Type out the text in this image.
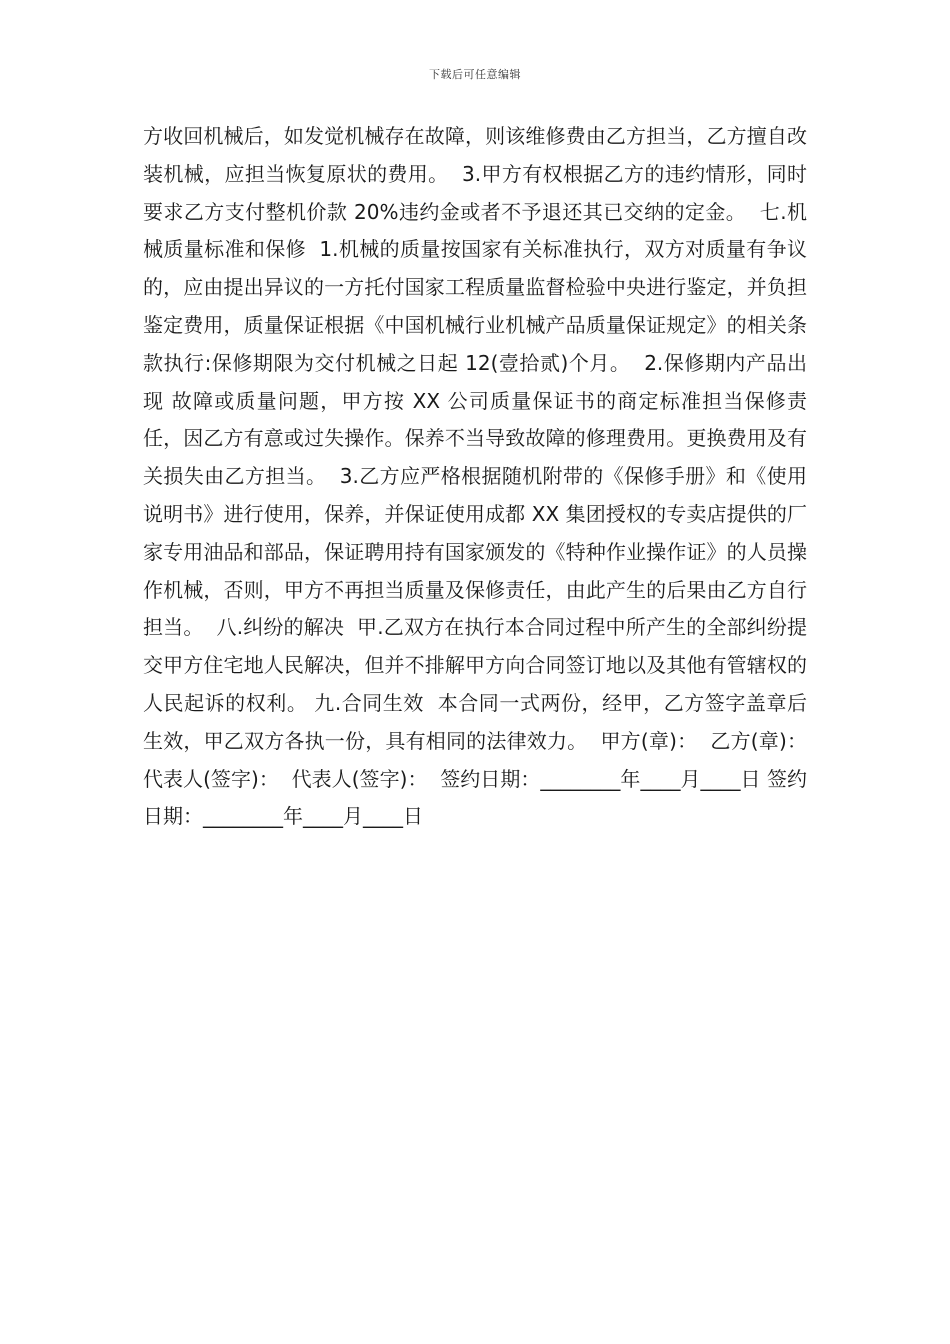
下载后可任意编辑

方收回机械后，如发觉机械存在故障，则该维修费由乙方担当，乙方擅自改装机械，应担当恢复原状的费用。  3.甲方有权根据乙方的违约情形，同时要求乙方支付整机价款 20%违约金或者不予退还其已交纳的定金。  七.机械质量标准和保修  1.机械的质量按国家有关标准执行，双方对质量有争议的，应由提出异议的一方托付国家工程质量监督检验中央进行鉴定，并负担鉴定费用，质量保证根据《中国机械行业机械产品质量保证规定》的相关条款执行:保修期限为交付机械之日起 12(壹拾贰)个月。  2.保修期内产品出现 故障或质量问题，甲方按 XX 公司质量保证书的商定标准担当保修责任，因乙方有意或过失操作。保养不当导致故障的修理费用。更换费用及有关损失由乙方担当。  3.乙方应严格根据随机附带的《保修手册》和《使用说明书》进行使用，保养，并保证使用成都 XX 集团授权的专卖店提供的厂家专用油品和部品，保证聘用持有国家颁发的《特种作业操作证》的人员操作机械，否则，甲方不再担当质量及保修责任，由此产生的后果由乙方自行担当。  八.纠纷的解决  甲.乙双方在执行本合同过程中所产生的全部纠纷提交甲方住宅地人民解决，但并不排解甲方向合同签订地以及其他有管辖权的人民起诉的权利。 九.合同生效  本合同一式两份，经甲，乙方签字盖章后生效，甲乙双方各执一份，具有相同的法律效力。  甲方(章)：  乙方(章)：  代表人(签字)：  代表人(签字)：  签约日期：________年____月____日 签约日期：________年____月____日
